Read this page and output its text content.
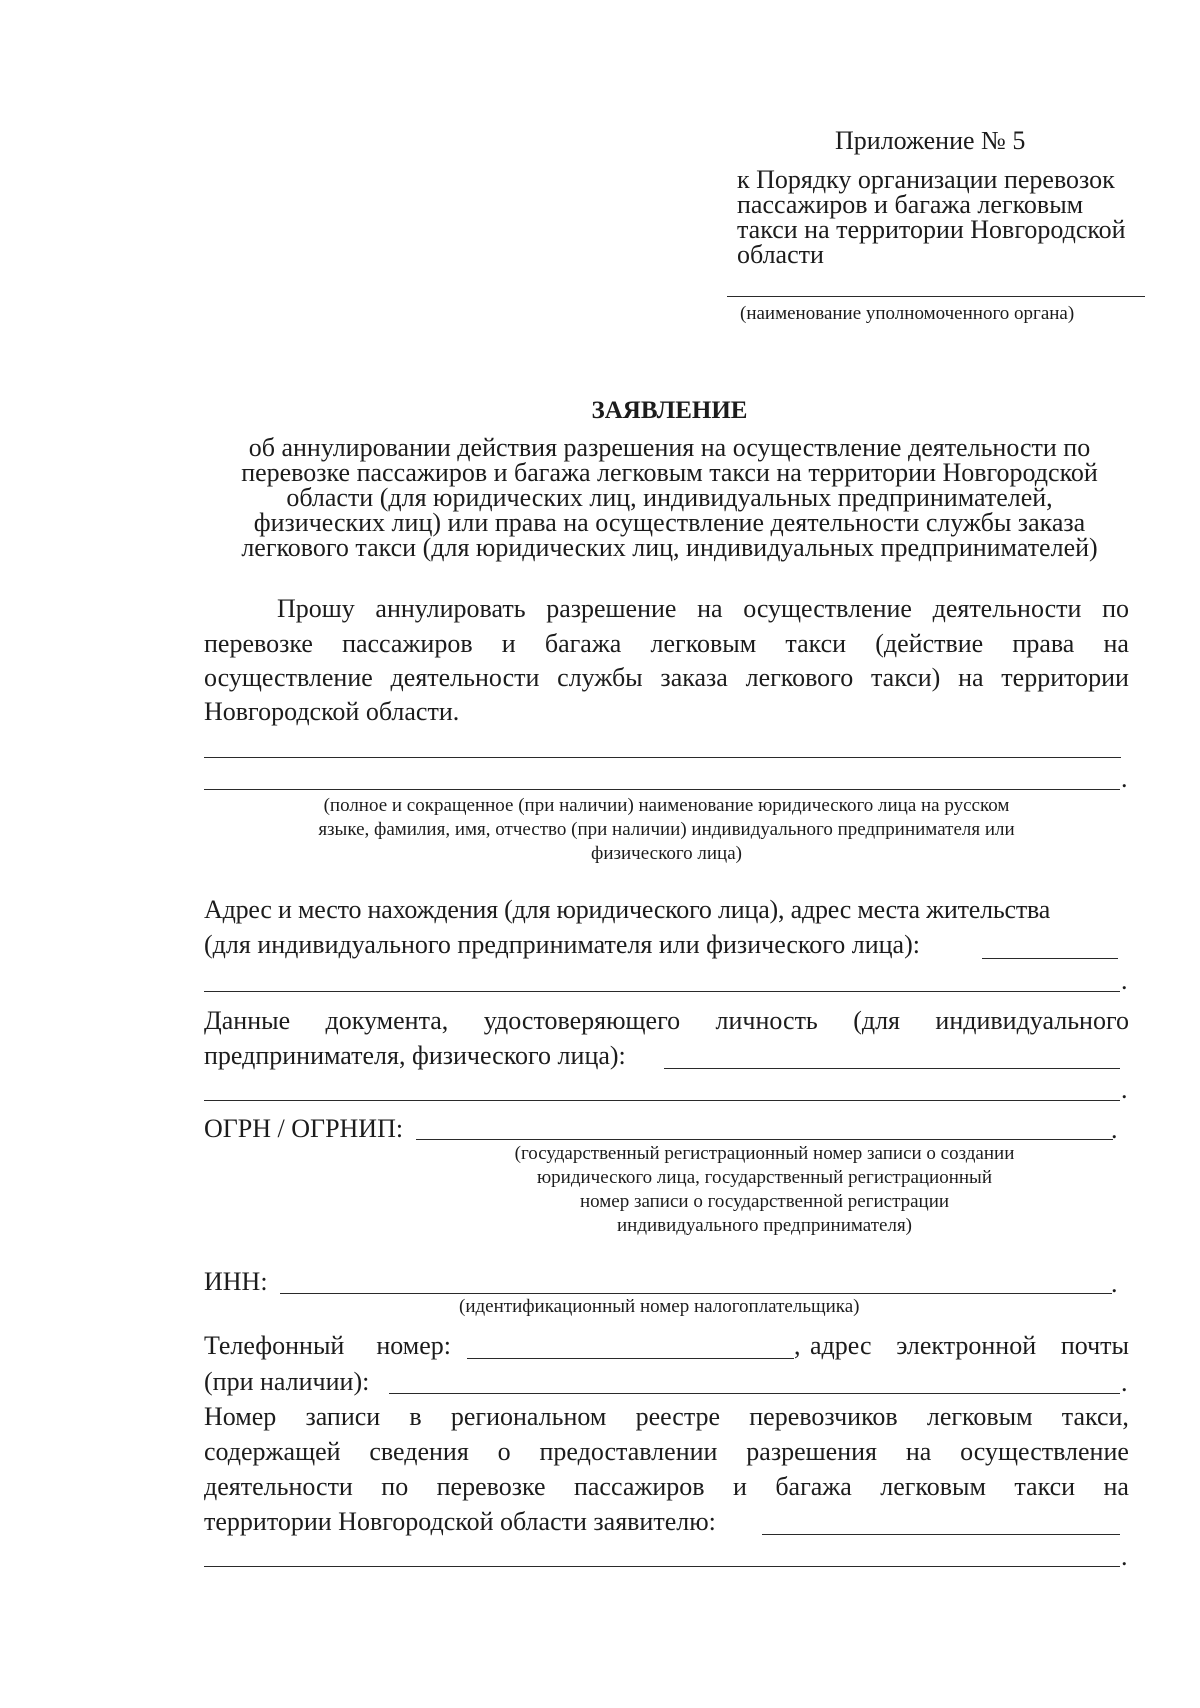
Приложение № 5
к Порядку организации перевозок
пассажиров и багажа легковым
такси на территории Новгородской
области
(наименование уполномоченного органа)
ЗАЯВЛЕНИЕ
об аннулировании действия разрешения на осуществление деятельности по
перевозке пассажиров и багажа легковым такси на территории Новгородской
области (для юридических лиц, индивидуальных предпринимателей,
физических лиц) или права на осуществление деятельности службы заказа
легкового такси (для юридических лиц, индивидуальных предпринимателей)
Прошу аннулировать разрешение на осуществление деятельности по
перевозке пассажиров и багажа легковым такси (действие права на
осуществление деятельности службы заказа легкового такси) на территории
Новгородской области.
.
(полное и сокращенное (при наличии) наименование юридического лица на русском
языке, фамилия, имя, отчество (при наличии) индивидуального предпринимателя или
физического лица)
Адрес и место нахождения (для юридического лица), адрес места жительства
(для индивидуального предпринимателя или физического лица):
.
Данные документа, удостоверяющего личность (для индивидуального
предпринимателя, физического лица):
.
ОГРН / ОГРНИП:	.
(государственный регистрационный номер записи о создании
юридического лица, государственный регистрационный
номер записи о государственной регистрации
индивидуального предпринимателя)
ИНН:	.
(идентификационный номер налогоплательщика)
Телефонный номер:	, адрес электронной почты
(при наличии):	.
Номер записи в региональном реестре перевозчиков легковым такси,
содержащей сведения о предоставлении разрешения на осуществление
деятельности по перевозке пассажиров и багажа легковым такси на
территории Новгородской области заявителю:
.
